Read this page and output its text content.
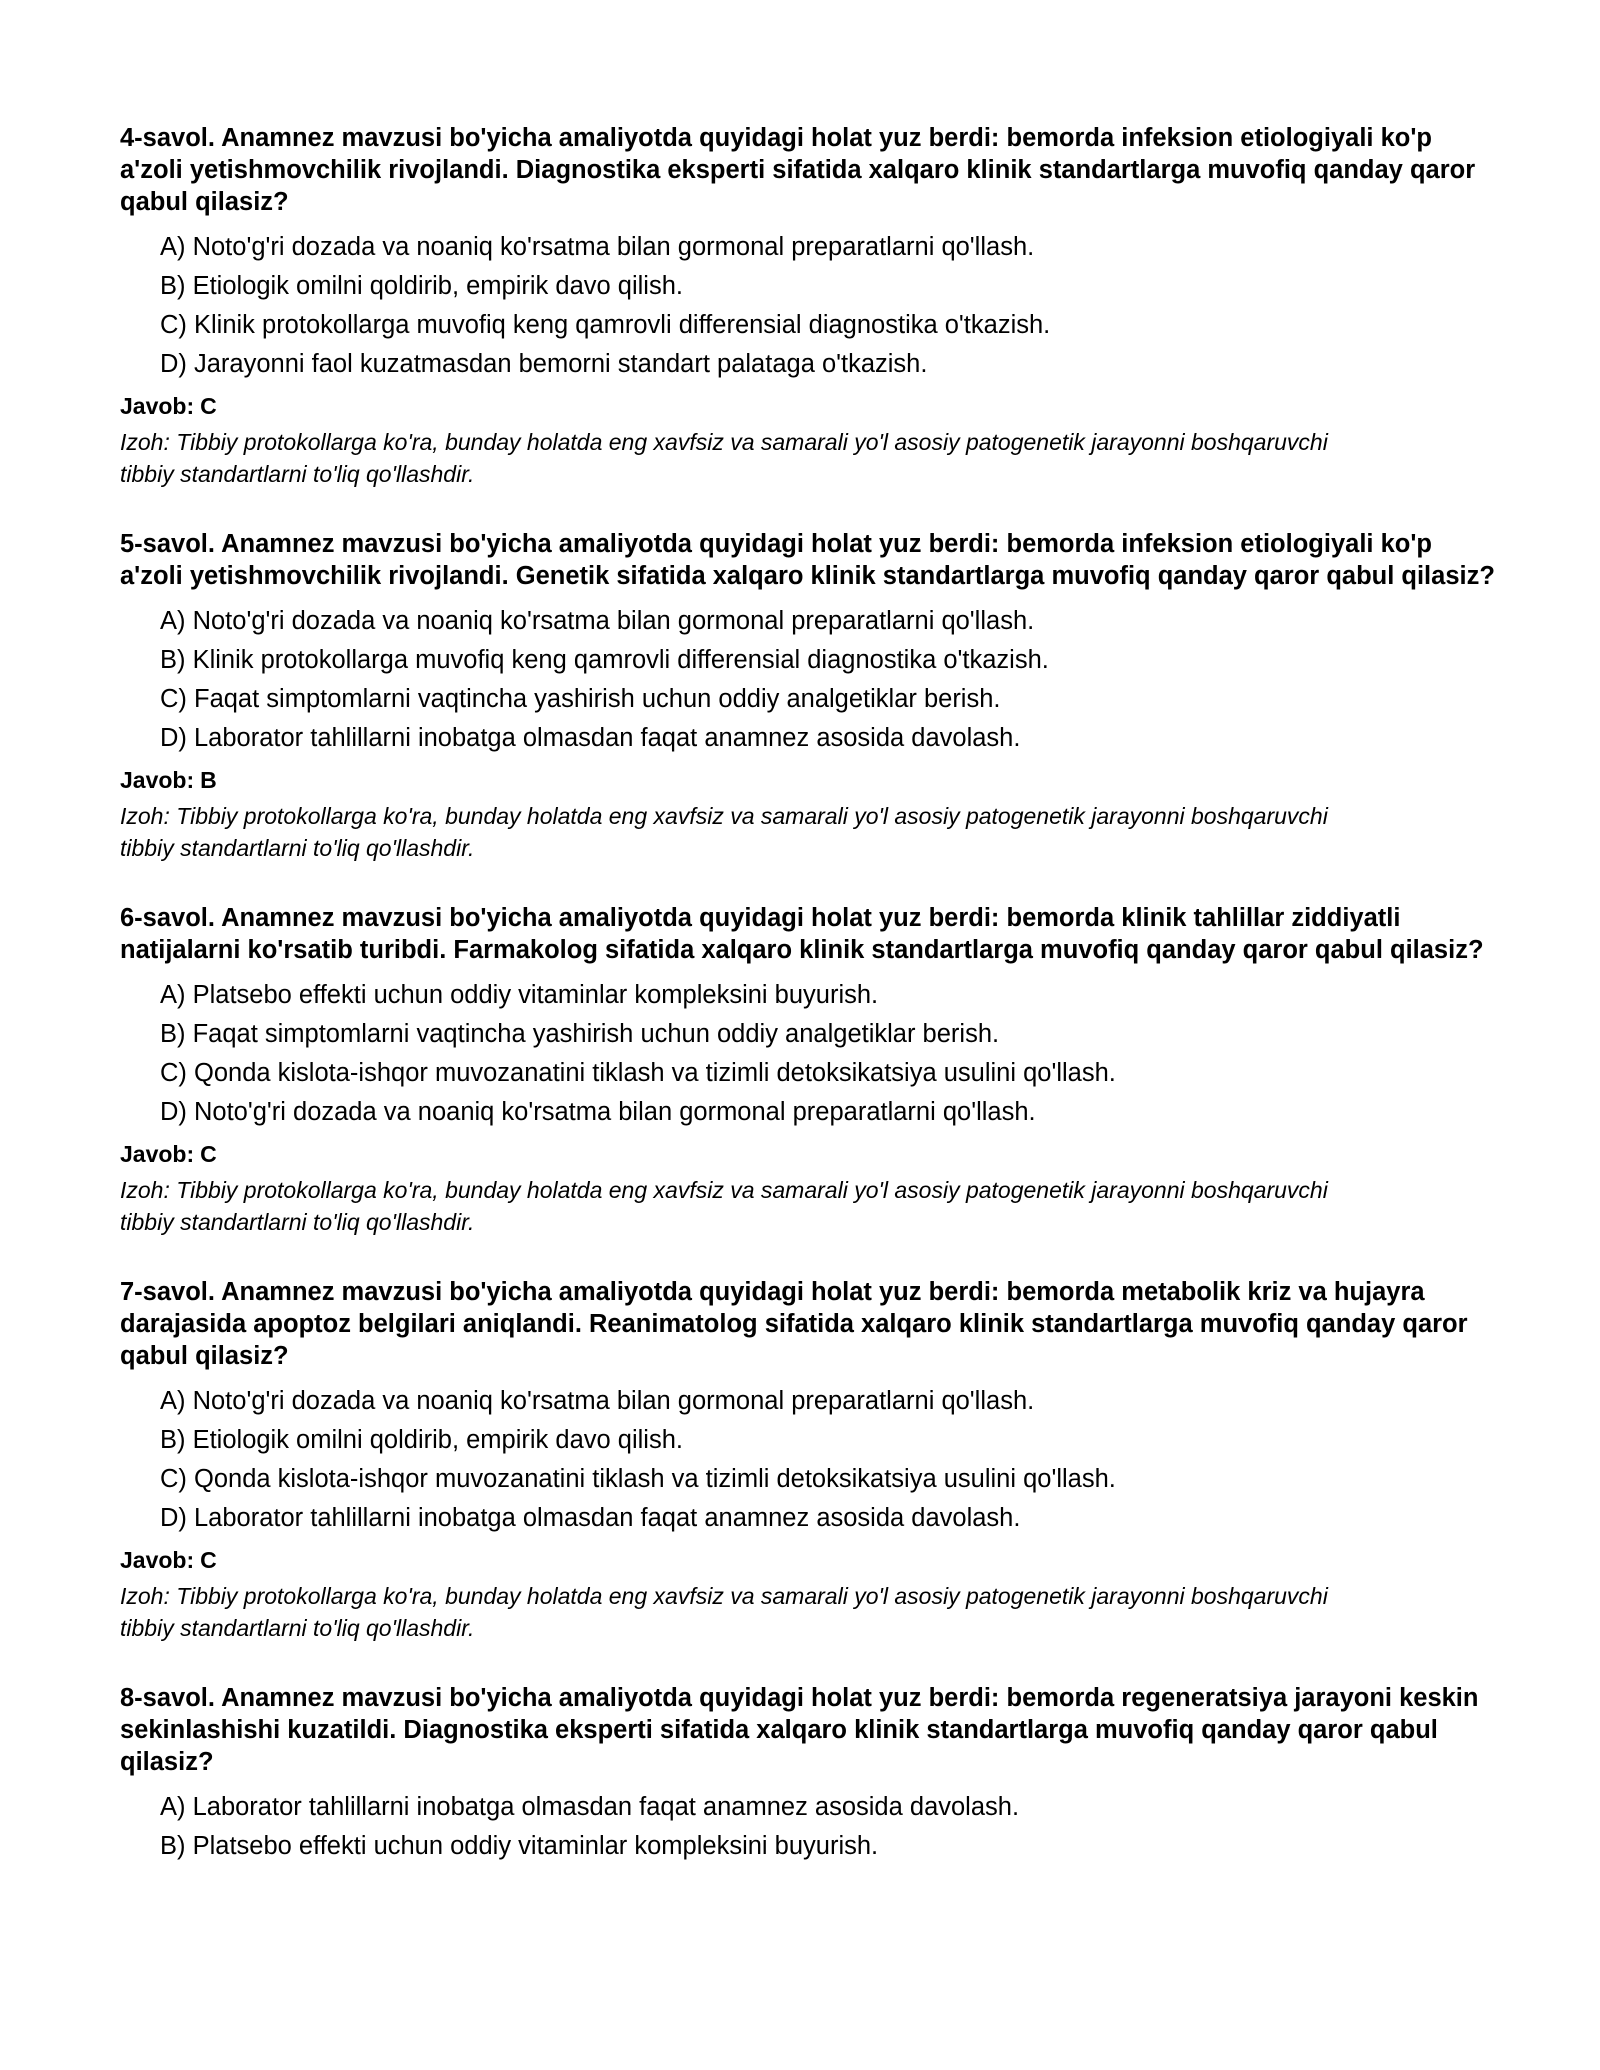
4-savol. Anamnez mavzusi bo'yicha amaliyotda quyidagi holat yuz berdi: bemorda infeksion etiologiyali ko'p a'zoli yetishmovchilik rivojlandi. Diagnostika eksperti sifatida xalqaro klinik standartlarga muvofiq qanday qaror qabul qilasiz?

A) Noto'g'ri dozada va noaniq ko'rsatma bilan gormonal preparatlarni qo'llash.
B) Etiologik omilni qoldirib, empirik davo qilish.
C) Klinik protokollarga muvofiq keng qamrovli differensial diagnostika o'tkazish.
D) Jarayonni faol kuzatmasdan bemorni standart palataga o'tkazish.

Javob: C

Izoh: Tibbiy protokollarga ko'ra, bunday holatda eng xavfsiz va samarali yo'l asosiy patogenetik jarayonni boshqaruvchi tibbiy standartlarni to'liq qo'llashdir.

5-savol. Anamnez mavzusi bo'yicha amaliyotda quyidagi holat yuz berdi: bemorda infeksion etiologiyali ko'p a'zoli yetishmovchilik rivojlandi. Genetik sifatida xalqaro klinik standartlarga muvofiq qanday qaror qabul qilasiz?

A) Noto'g'ri dozada va noaniq ko'rsatma bilan gormonal preparatlarni qo'llash.
B) Klinik protokollarga muvofiq keng qamrovli differensial diagnostika o'tkazish.
C) Faqat simptomlarni vaqtincha yashirish uchun oddiy analgetiklar berish.
D) Laborator tahlillarni inobatga olmasdan faqat anamnez asosida davolash.

Javob: B

Izoh: Tibbiy protokollarga ko'ra, bunday holatda eng xavfsiz va samarali yo'l asosiy patogenetik jarayonni boshqaruvchi tibbiy standartlarni to'liq qo'llashdir.

6-savol. Anamnez mavzusi bo'yicha amaliyotda quyidagi holat yuz berdi: bemorda klinik tahlillar ziddiyatli natijalarni ko'rsatib turibdi. Farmakolog sifatida xalqaro klinik standartlarga muvofiq qanday qaror qabul qilasiz?

A) Platsebo effekti uchun oddiy vitaminlar kompleksini buyurish.
B) Faqat simptomlarni vaqtincha yashirish uchun oddiy analgetiklar berish.
C) Qonda kislota-ishqor muvozanatini tiklash va tizimli detoksikatsiya usulini qo'llash.
D) Noto'g'ri dozada va noaniq ko'rsatma bilan gormonal preparatlarni qo'llash.

Javob: C

Izoh: Tibbiy protokollarga ko'ra, bunday holatda eng xavfsiz va samarali yo'l asosiy patogenetik jarayonni boshqaruvchi tibbiy standartlarni to'liq qo'llashdir.

7-savol. Anamnez mavzusi bo'yicha amaliyotda quyidagi holat yuz berdi: bemorda metabolik kriz va hujayra darajasida apoptoz belgilari aniqlandi. Reanimatolog sifatida xalqaro klinik standartlarga muvofiq qanday qaror qabul qilasiz?

A) Noto'g'ri dozada va noaniq ko'rsatma bilan gormonal preparatlarni qo'llash.
B) Etiologik omilni qoldirib, empirik davo qilish.
C) Qonda kislota-ishqor muvozanatini tiklash va tizimli detoksikatsiya usulini qo'llash.
D) Laborator tahlillarni inobatga olmasdan faqat anamnez asosida davolash.

Javob: C

Izoh: Tibbiy protokollarga ko'ra, bunday holatda eng xavfsiz va samarali yo'l asosiy patogenetik jarayonni boshqaruvchi tibbiy standartlarni to'liq qo'llashdir.

8-savol. Anamnez mavzusi bo'yicha amaliyotda quyidagi holat yuz berdi: bemorda regeneratsiya jarayoni keskin sekinlashishi kuzatildi. Diagnostika eksperti sifatida xalqaro klinik standartlarga muvofiq qanday qaror qabul qilasiz?

A) Laborator tahlillarni inobatga olmasdan faqat anamnez asosida davolash.
B) Platsebo effekti uchun oddiy vitaminlar kompleksini buyurish.
